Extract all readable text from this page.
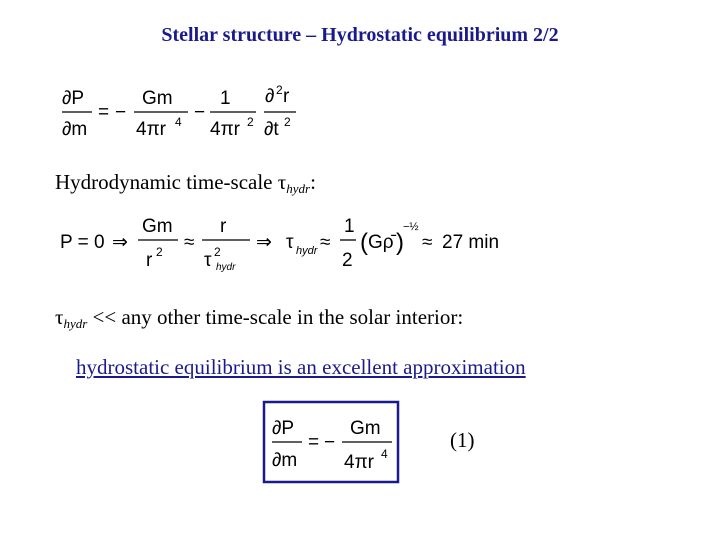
Stellar structure – Hydrostatic equilibrium 2/2
∂P
∂m
= −
Gm
4πr 4 −
1
4πr 2
∂ 2 r
∂t 2
Hydrodynamic time-scale τhydr:
P = 0 ⇒
Gm
r 2 ≈
r
τ 2
hydr
⇒ τ hydr ≈
1
2
( Gρ̄ )
−½
≈ 27 min
τhydr << any other time-scale in the solar interior:
hydrostatic equilibrium is an excellent approximation
∂P
∂m
= −
Gm
4πr 4
(1)
